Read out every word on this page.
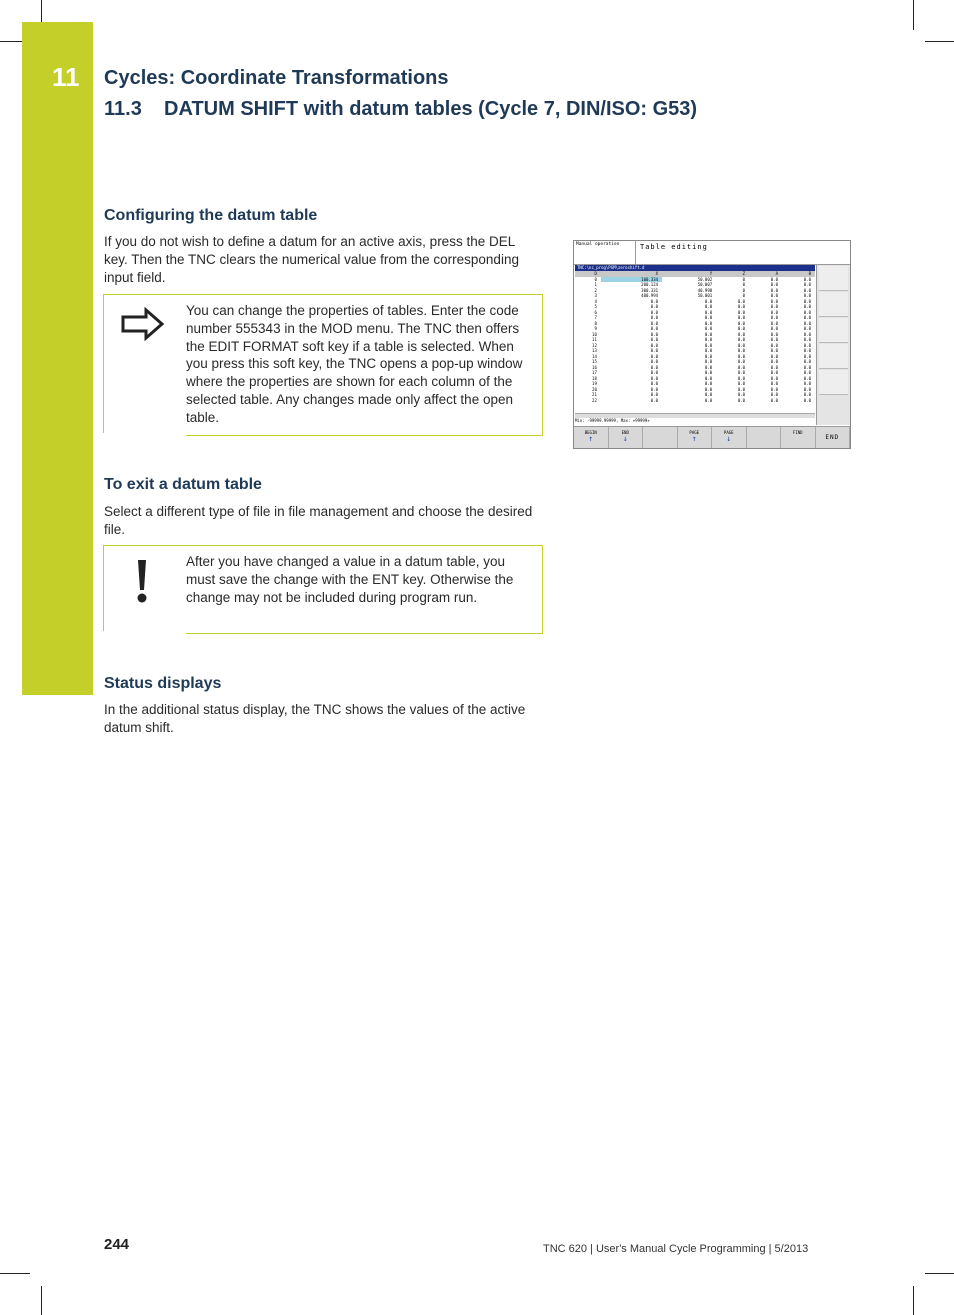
11 Cycles: Coordinate Transformations
11.3    DATUM SHIFT with datum tables (Cycle 7, DIN/ISO: G53)
Configuring the datum table
If you do not wish to define a datum for an active axis, press the DEL key. Then the TNC clears the numerical value from the corresponding input field.
You can change the properties of tables. Enter the code number 555343 in the MOD menu. The TNC then offers the EDIT FORMAT soft key if a table is selected. When you press this soft key, the TNC opens a pop-up window where the properties are shown for each column of the selected table. Any changes made only affect the open table.
To exit a datum table
Select a different type of file in file management and choose the desired file.
After you have changed a value in a datum table, you must save the change with the ENT key. Otherwise the change may not be included during program run.
Status displays
In the additional status display, the TNC shows the values of the active datum shift.
Manual operation	Table editing
TNC:\nc_prog\PGM\zeroshift.d
D	X	Y	Z	A	B
0	100.334	50.002	0	0.0	0.0
1	200.124	50.007	0	0.0	0.0
2	300.331	40.998	0	0.0	0.0
3	400.994	50.001	0	0.0	0.0
4	0.0	0.0	0.0	0.0	0.0
5	0.0	0.0	0.0	0.0	0.0
6	0.0	0.0	0.0	0.0	0.0
7	0.0	0.0	0.0	0.0	0.0
8	0.0	0.0	0.0	0.0	0.0
9	0.0	0.0	0.0	0.0	0.0
10	0.0	0.0	0.0	0.0	0.0
11	0.0	0.0	0.0	0.0	0.0
12	0.0	0.0	0.0	0.0	0.0
13	0.0	0.0	0.0	0.0	0.0
14	0.0	0.0	0.0	0.0	0.0
15	0.0	0.0	0.0	0.0	0.0
16	0.0	0.0	0.0	0.0	0.0
17	0.0	0.0	0.0	0.0	0.0
18	0.0	0.0	0.0	0.0	0.0
19	0.0	0.0	0.0	0.0	0.0
20	0.0	0.0	0.0	0.0	0.0
21	0.0	0.0	0.0	0.0	0.0
22	0.0	0.0	0.0	0.0	0.0
Min: -99999.99999, Max: +99999+
BEGIN
↑
END
↓
PAGE
↑
PAGE
↓
FIND
END
244	TNC 620 | User's Manual Cycle Programming | 5/2013
